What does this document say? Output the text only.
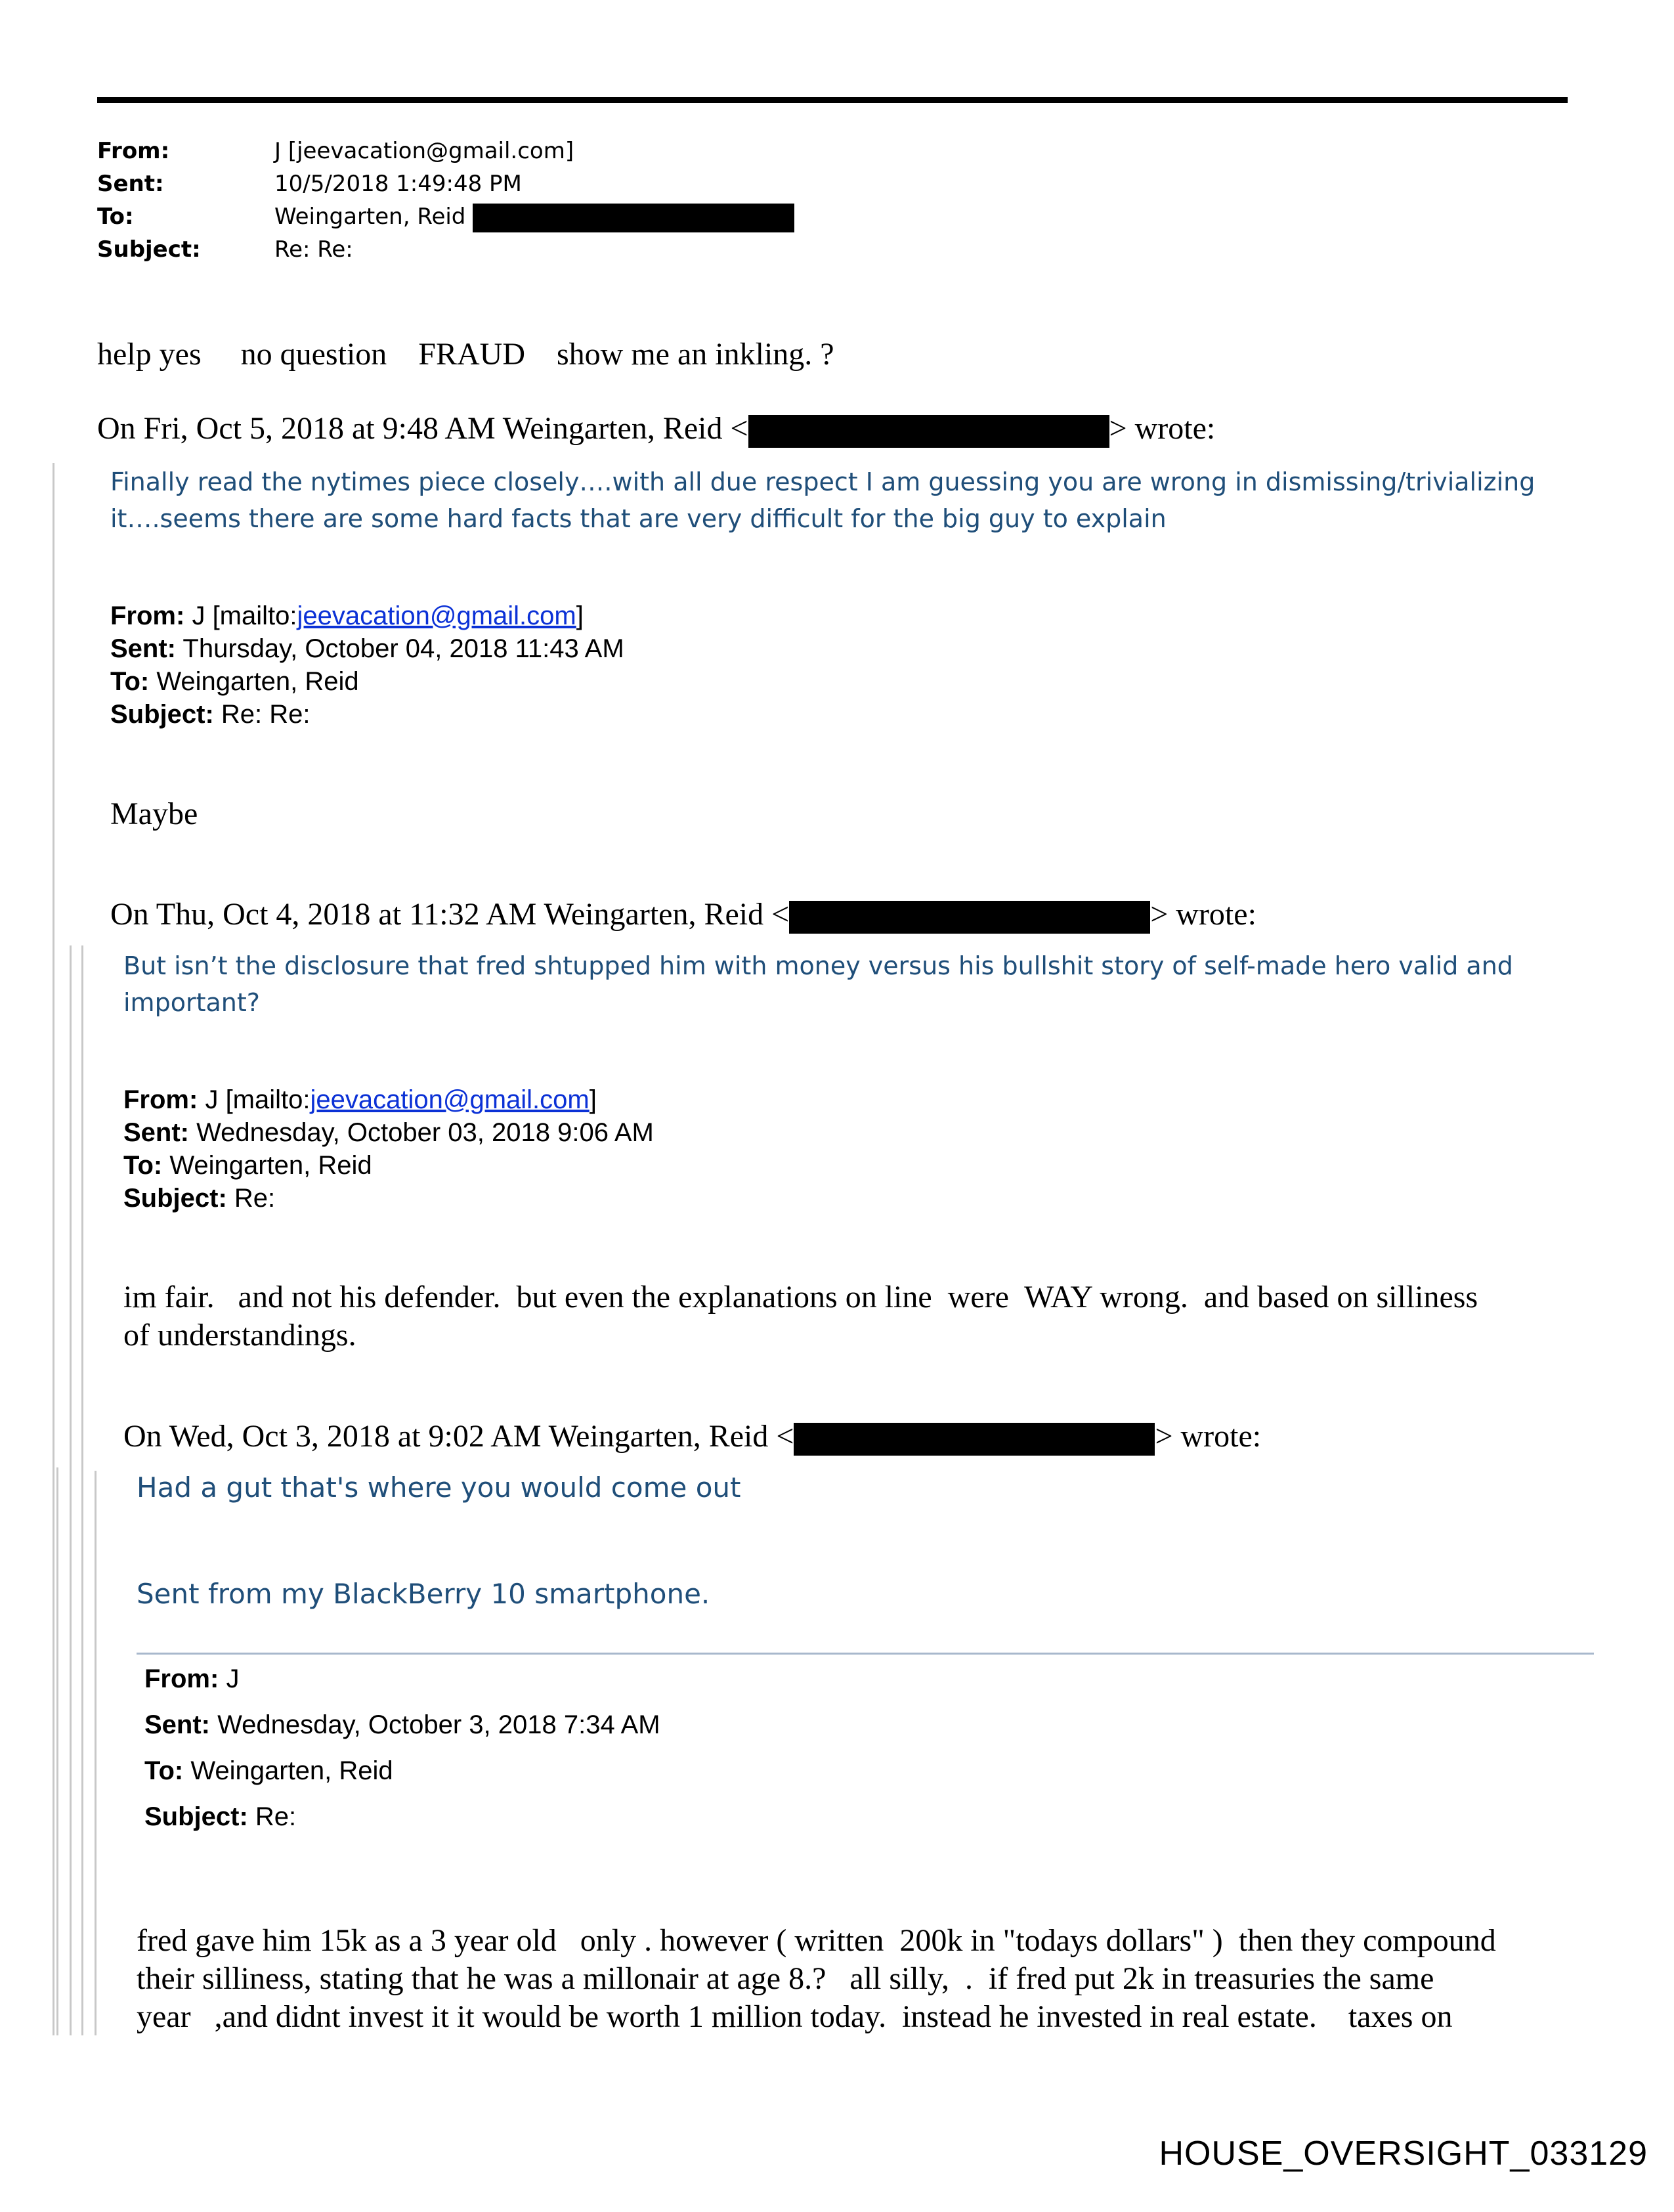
From:	J [jeevacation@gmail.com]
Sent:	10/5/2018 1:49:48 PM
To:	Weingarten, Reid
Subject:	Re: Re:
help yes     no question    FRAUD    show me an inkling. ?
On Fri, Oct 5, 2018 at 9:48 AM Weingarten, Reid <	> wrote:
Finally read the nytimes piece closely….with all due respect I am guessing you are wrong in dismissing/trivializing
it….seems there are some hard facts that are very difficult for the big guy to explain
From: J [mailto:jeevacation@gmail.com]
Sent: Thursday, October 04, 2018 11:43 AM
To: Weingarten, Reid
Subject: Re: Re:
Maybe
On Thu, Oct 4, 2018 at 11:32 AM Weingarten, Reid <	> wrote:
But isn’t the disclosure that fred shtupped him with money versus his bullshit story of self-made hero valid and
important?
From: J [mailto:jeevacation@gmail.com]
Sent: Wednesday, October 03, 2018 9:06 AM
To: Weingarten, Reid
Subject: Re:
im fair.   and not his defender.  but even the explanations on line  were  WAY wrong.  and based on silliness
of understandings.
On Wed, Oct 3, 2018 at 9:02 AM Weingarten, Reid <	> wrote:
Had a gut that's where you would come out
Sent from my BlackBerry 10 smartphone.
From: J
Sent: Wednesday, October 3, 2018 7:34 AM
To: Weingarten, Reid
Subject: Re:
fred gave him 15k as a 3 year old   only . however ( written  200k in "todays dollars" )  then they compound
their silliness, stating that he was a millonair at age 8.?   all silly,  .  if fred put 2k in treasuries the same
year   ,and didnt invest it it would be worth 1 million today.  instead he invested in real estate.    taxes on
HOUSE_OVERSIGHT_033129
